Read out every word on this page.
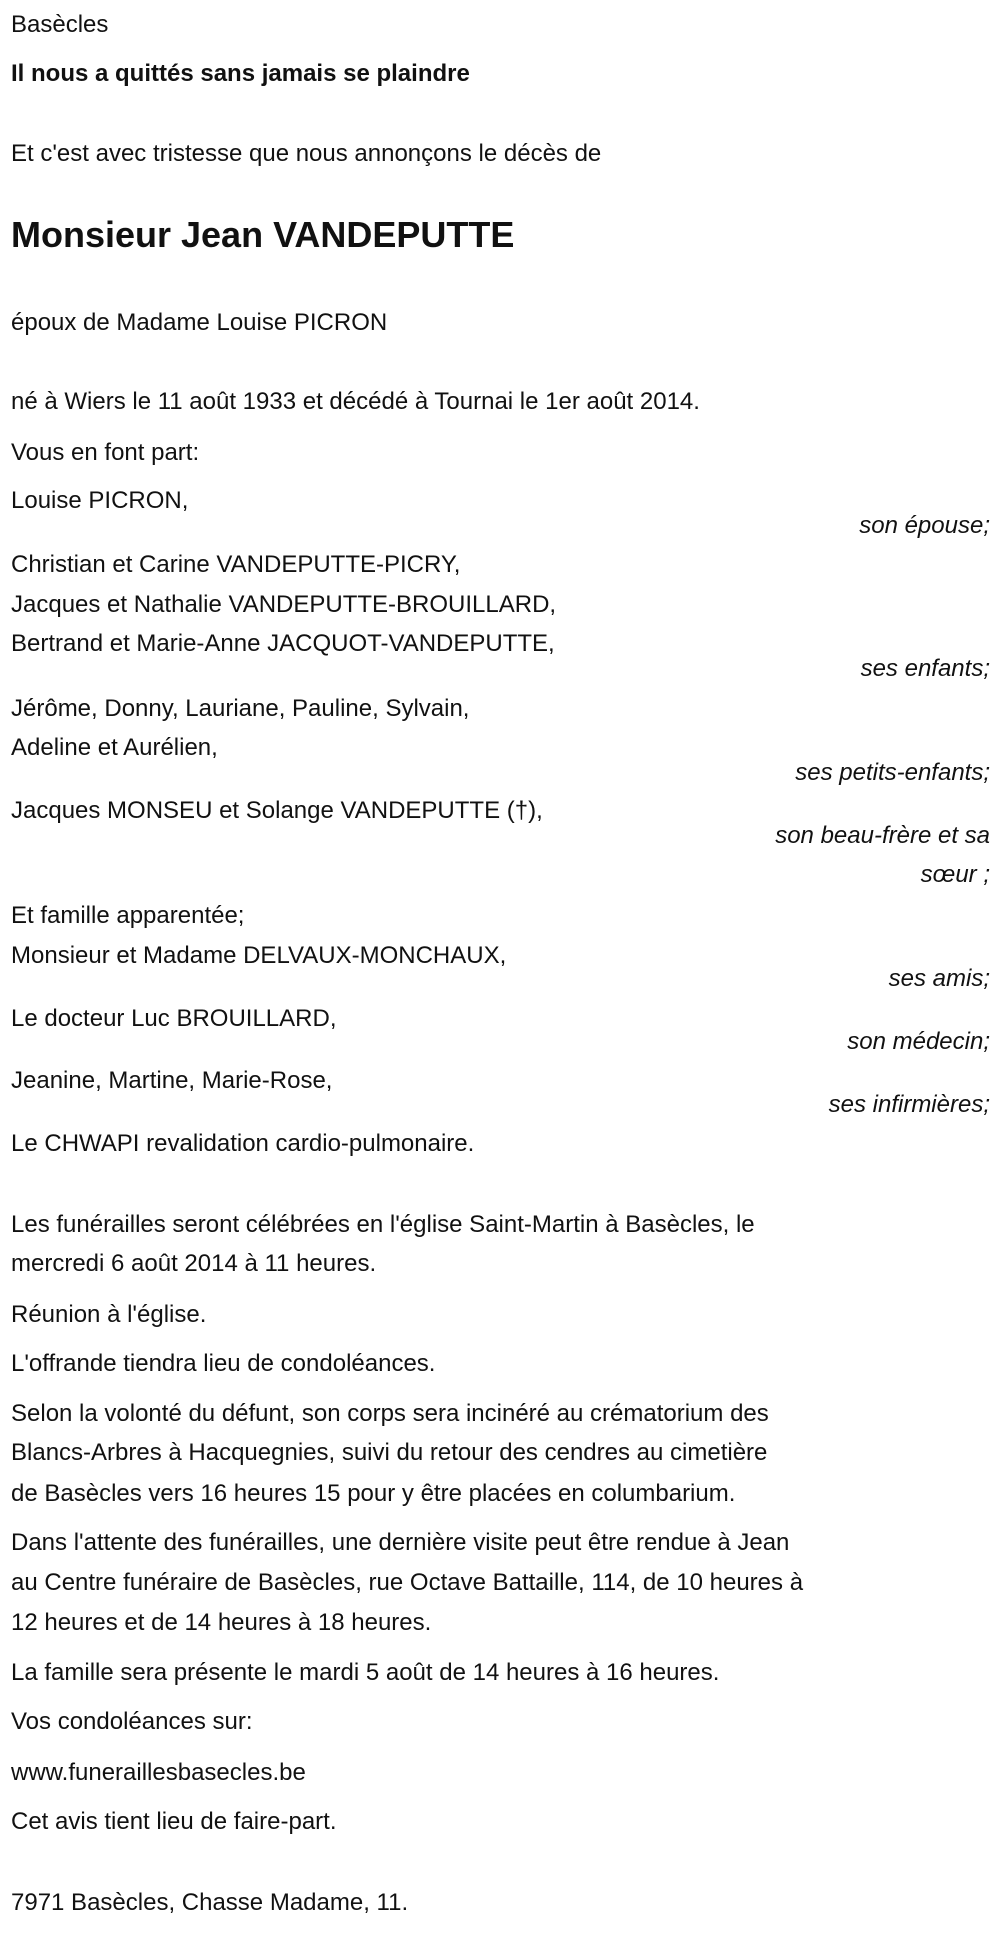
Basècles
Il nous a quittés sans jamais se plaindre
Et c'est avec tristesse que nous annonçons le décès de
Monsieur Jean VANDEPUTTE
époux de Madame Louise PICRON
né à Wiers le 11 août 1933 et décédé à Tournai le 1er août 2014.
Vous en font part:
Louise PICRON,
son épouse;
Christian et Carine VANDEPUTTE-PICRY,
Jacques et Nathalie VANDEPUTTE-BROUILLARD,
Bertrand et Marie-Anne JACQUOT-VANDEPUTTE,
ses enfants;
Jérôme, Donny, Lauriane, Pauline, Sylvain,
Adeline et Aurélien,
ses petits-enfants;
Jacques MONSEU et Solange VANDEPUTTE (†),
son beau-frère et sa
sœur ;
Et famille apparentée;
Monsieur et Madame DELVAUX-MONCHAUX,
ses amis;
Le docteur Luc BROUILLARD,
son médecin;
Jeanine, Martine, Marie-Rose,
ses infirmières;
Le CHWAPI revalidation cardio-pulmonaire.
Les funérailles seront célébrées en l'église Saint-Martin à Basècles, le
mercredi 6 août 2014 à 11 heures.
Réunion à l'église.
L'offrande tiendra lieu de condoléances.
Selon la volonté du défunt, son corps sera incinéré au crématorium des
Blancs-Arbres à Hacquegnies, suivi du retour des cendres au cimetière
de Basècles vers 16 heures 15 pour y être placées en columbarium.
Dans l'attente des funérailles, une dernière visite peut être rendue à Jean
au Centre funéraire de Basècles, rue Octave Battaille, 114, de 10 heures à
12 heures et de 14 heures à 18 heures.
La famille sera présente le mardi 5 août de 14 heures à 16 heures.
Vos condoléances sur:
www.funeraillesbasecles.be
Cet avis tient lieu de faire-part.
7971 Basècles, Chasse Madame, 11.
